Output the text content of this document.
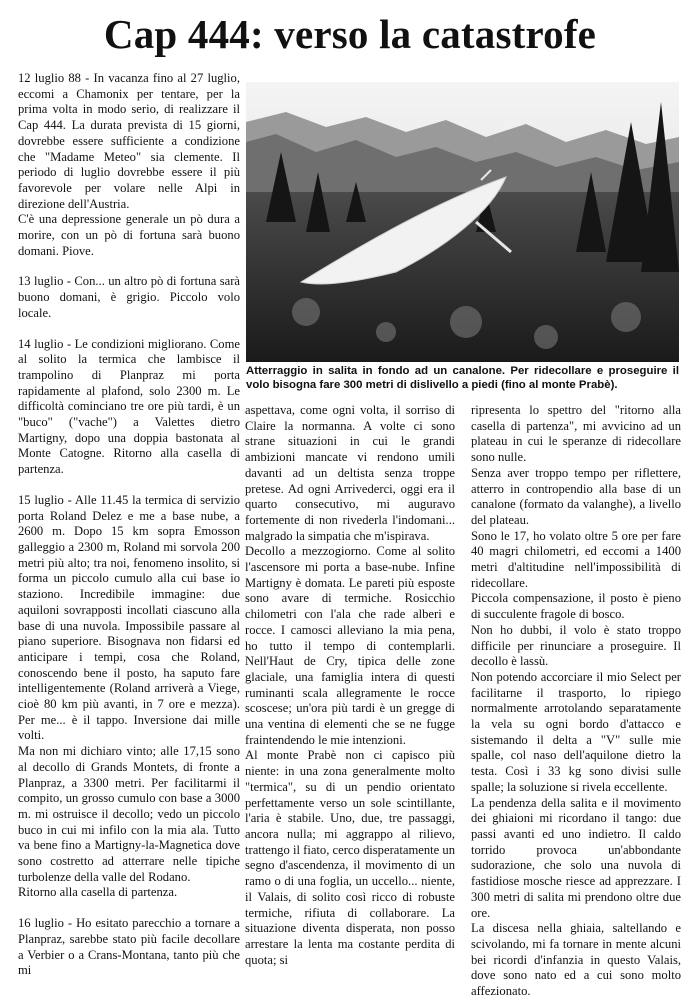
Cap 444: verso la catastrofe

12 luglio 88 - In vacanza fino al 27 luglio, eccomi a Chamonix per tentare, per la prima volta in modo serio, di realizzare il Cap 444. La durata prevista di 15 giorni, dovrebbe essere sufficiente a condizione che "Madame Meteo" sia clemente. Il periodo di luglio dovrebbe essere il più favorevole per volare nelle Alpi in direzione dell'Austria.

C'è una depressione generale un pò dura a morire, con un pò di fortuna sarà buono domani. Piove.

13 luglio - Con... un altro pò di fortuna sarà buono domani, è grigio. Piccolo volo locale.

14 luglio - Le condizioni migliorano. Come al solito la termica che lambisce il trampolino di Planpraz mi porta rapidamente al plafond, solo 2300 m. Le difficoltà cominciano tre ore più tardi, è un "buco" ("vache") a Valettes dietro Martigny, dopo una doppia bastonata al Monte Catogne. Ritorno alla casella di partenza.

15 luglio - Alle 11.45 la termica di servizio porta Roland Delez e me a base nube, a 2600 m. Dopo 15 km sopra Emosson galleggio a 2300 m, Roland mi sorvola 200 metri più alto; tra noi, fenomeno insolito, si forma un piccolo cumulo alla cui base io staziono. Incredibile immagine: due aquiloni sovrapposti incollati ciascuno alla base di una nuvola. Impossibile passare al piano superiore. Bisognava non fidarsi ed anticipare i tempi, cosa che Roland, conoscendo bene il posto, ha saputo fare intelligentemente (Roland arriverà a Viege, cioè 80 km più avanti, in 7 ore e mezza). Per me... è il tappo. Inversione dai mille volti.

Ma non mi dichiaro vinto; alle 17,15 sono al decollo di Grands Montets, di fronte a Planpraz, a 3300 metri. Per facilitarmi il compito, un grosso cumulo con base a 3000 m. mi ostruisce il decollo; vedo un piccolo buco in cui mi infilo con la mia ala. Tutto va bene fino a Martigny-la-Magnetica dove sono costretto ad atterrare nelle tipiche turbolenze della valle del Rodano.

Ritorno alla casella di partenza.

16 luglio - Ho esitato parecchio a tornare a Planpraz, sarebbe stato più facile decollare a Verbier o a Crans-Montana, tanto più che mi

Atterraggio in salita in fondo ad un canalone. Per ridecollare e proseguire il volo bisogna fare 300 metri di dislivello a piedi (fino al monte Prabè).

aspettava, come ogni volta, il sorriso di Claire la normanna. A volte ci sono strane situazioni in cui le grandi ambizioni mancate vi rendono umili davanti ad un deltista senza troppe pretese. Ad ogni Arrivederci, oggi era il quarto consecutivo, mi auguravo fortemente di non rivederla l'indomani... malgrado la simpatia che m'ispirava.

Decollo a mezzogiorno. Come al solito l'ascensore mi porta a base-nube. Infine Martigny è domata. Le pareti più esposte sono avare di termiche. Rosicchio chilometri con l'ala che rade alberi e rocce. I camosci alleviano la mia pena, ho tutto il tempo di contemplarli. Nell'Haut de Cry, tipica delle zone glaciale, una famiglia intera di questi ruminanti scala allegramente le rocce scoscese; un'ora più tardi è un gregge di una ventina di elementi che se ne fugge fraintendendo le mie intenzioni.

Al monte Prabè non ci capisco più niente: in una zona generalmente molto "termica", su di un pendio orientato perfettamente verso un sole scintillante, l'aria è stabile. Uno, due, tre passaggi, ancora nulla; mi aggrappo al rilievo, trattengo il fiato, cerco disperatamente un segno d'ascendenza, il movimento di un ramo o di una foglia, un uccello... niente, il Valais, di solito così ricco di robuste termiche, rifiuta di collaborare. La situazione diventa disperata, non posso arrestare la lenta ma costante perdita di quota; si

ripresenta lo spettro del "ritorno alla casella di partenza", mi avvicino ad un plateau in cui le speranze di ridecollare sono nulle.

Senza aver troppo tempo per riflettere, atterro in contropendio alla base di un canalone (formato da valanghe), a livello del plateau.

Sono le 17, ho volato oltre 5 ore per fare 40 magri chilometri, ed eccomi a 1400 metri d'altitudine nell'impossibilità di ridecollare.

Piccola compensazione, il posto è pieno di succulente fragole di bosco.

Non ho dubbi, il volo è stato troppo difficile per rinunciare a proseguire. Il decollo è lassù.

Non potendo accorciare il mio Select per facilitarne il trasporto, lo ripiego normalmente arrotolando separatamente la vela su ogni bordo d'attacco e sistemando il delta a "V" sulle mie spalle, col naso dell'aquilone dietro la testa. Così i 33 kg sono divisi sulle spalle; la soluzione si rivela eccellente.

La pendenza della salita e il movimento dei ghiaioni mi ricordano il tango: due passi avanti ed uno indietro. Il caldo torrido provoca un'abbondante sudorazione, che solo una nuvola di fastidiose mosche riesce ad apprezzare. I 300 metri di salita mi prendono oltre due ore.

La discesa nella ghiaia, saltellando e scivolando, mi fa tornare in mente alcuni bei ricordi d'infanzia in questo Valais, dove sono nato ed a cui sono molto affezionato.
